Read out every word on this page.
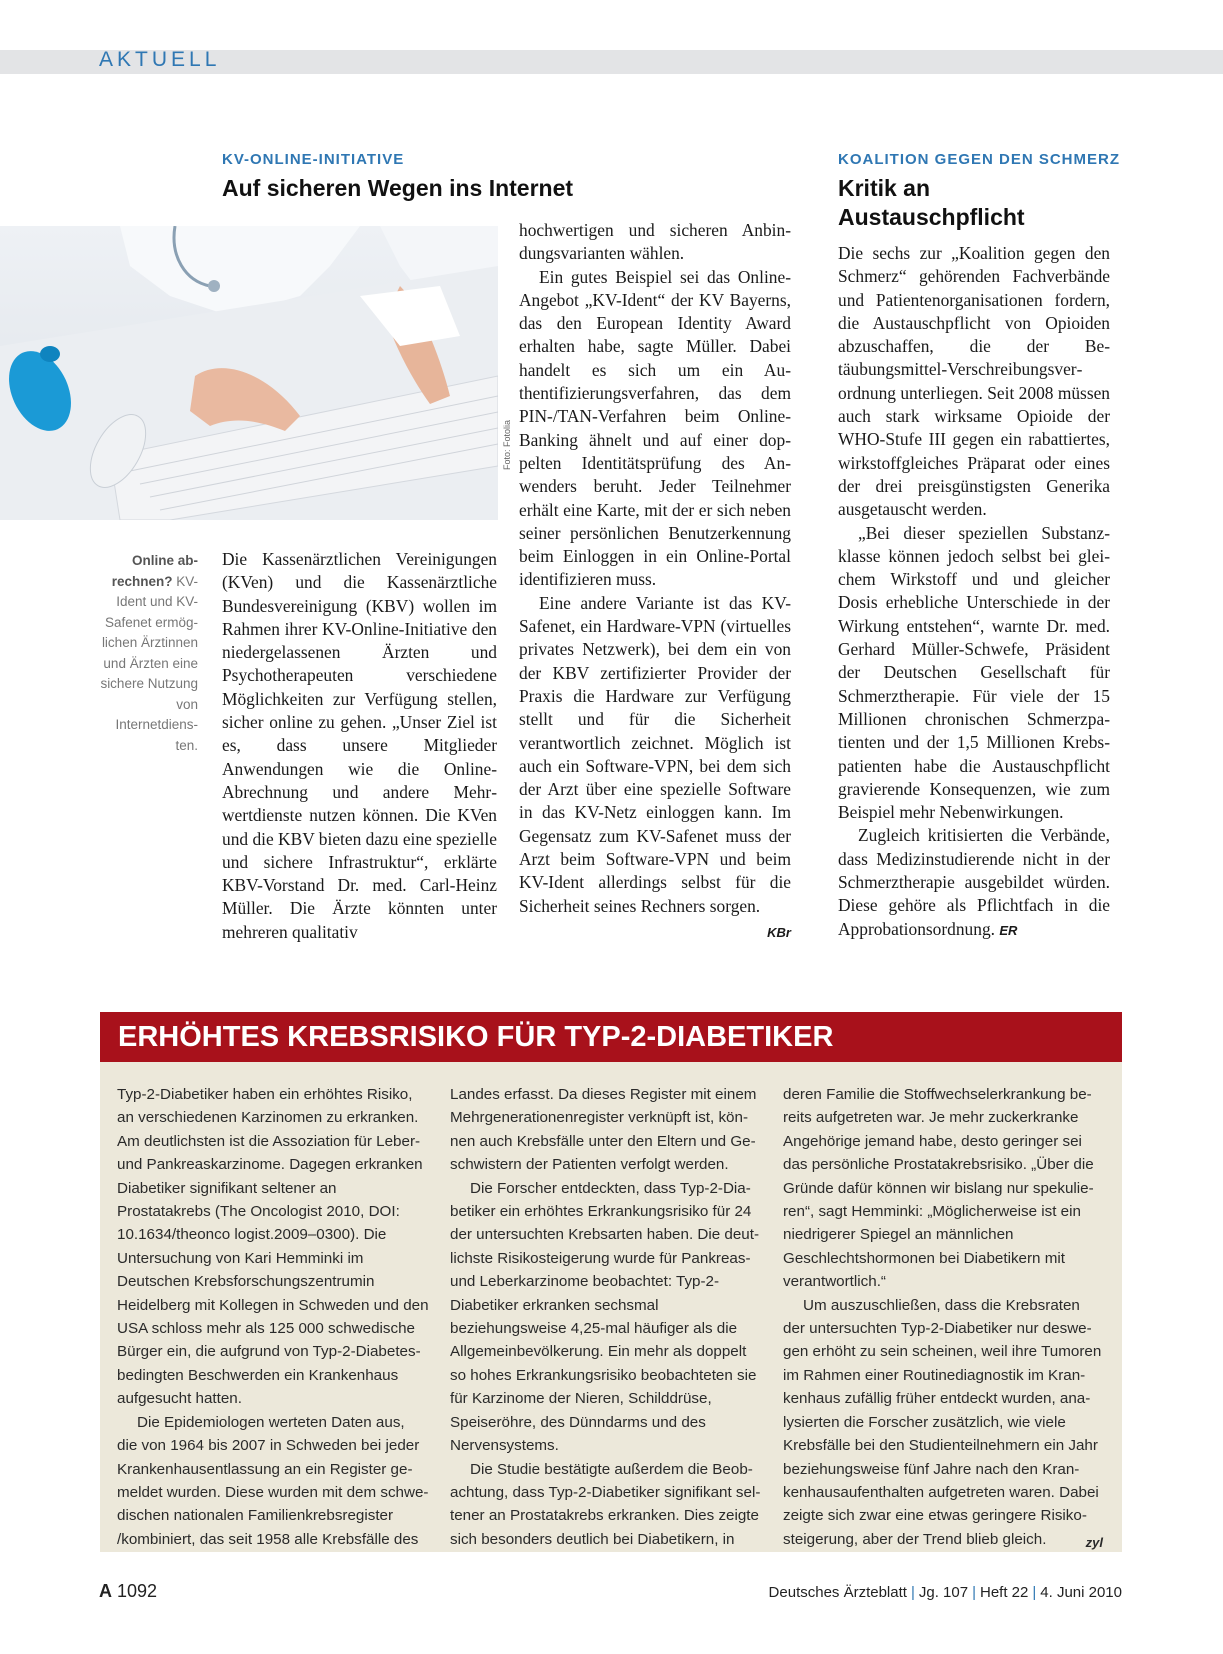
AKTUELL
KV-ONLINE-INITIATIVE
Auf sicheren Wegen ins Internet
Foto: Fotolia
Online abrechnen? KV-Ident und KV-Safenet ermöglichen Ärztinnen und Ärzten eine sichere Nutzung von Internetdiensten.

Die Kassenärztlichen Vereinigungen (KVen) und die Kassenärztliche Bundesvereinigung (KBV) wollen im Rahmen ihrer KV-Online-Initiative den niedergelassenen Ärzten und Psychotherapeuten verschiedene Möglichkeiten zur Verfügung stellen, sicher online zu gehen. „Unser Ziel ist es, dass unsere Mitglieder Anwendungen wie die Online-Abrechnung und andere Mehrwertdienste nutzen können. Die KVen und die KBV bieten dazu eine spezielle und sichere Infrastruktur“, erklärte KBV-Vorstand Dr. med. Carl-Heinz Müller. Die Ärzte könnten unter mehreren qualitativ

hochwertigen und sicheren Anbindungsvarianten wählen.

Ein gutes Beispiel sei das Online-Angebot „KV-Ident“ der KV Bayerns, das den European Identity Award erhalten habe, sagte Müller. Dabei handelt es sich um ein Authentifizierungsverfahren, das dem PIN-/TAN-Verfahren beim Online-Banking ähnelt und auf einer doppelten Identitätsprüfung des Anwenders beruht. Jeder Teilnehmer erhält eine Karte, mit der er sich neben seiner persönlichen Benutzerkennung beim Einloggen in ein Online-Portal identifizieren muss.

Eine andere Variante ist das KV-Safenet, ein Hardware-VPN (virtuelles privates Netzwerk), bei dem ein von der KBV zertifizierter Provider der Praxis die Hardware zur Verfügung stellt und für die Sicherheit verantwortlich zeichnet. Möglich ist auch ein Software-VPN, bei dem sich der Arzt über eine spezielle Software in das KV-Netz einloggen kann. Im Gegensatz zum KV-Safenet muss der Arzt beim Software-VPN und beim KV-Ident allerdings selbst für die Sicherheit seines Rechners sorgen.

KBr
KOALITION GEGEN DEN SCHMERZ
Kritik an
Austauschpflicht

Die sechs zur „Koalition gegen den Schmerz“ gehörenden Fachverbände und Patientenorganisationen fordern, die Austauschpflicht von Opioiden abzuschaffen, die der Betäubungsmittel-Verschreibungsverordnung unterliegen. Seit 2008 müssen auch stark wirksame Opioide der WHO-Stufe III gegen ein rabattiertes, wirkstoffgleiches Präparat oder eines der drei preisgünstigsten Generika ausgetauscht werden.

„Bei dieser speziellen Substanzklasse können jedoch selbst bei gleichem Wirkstoff und und gleicher Dosis erhebliche Unterschiede in der Wirkung entstehen“, warnte Dr. med. Gerhard Müller-Schwefe, Präsident der Deutschen Gesellschaft für Schmerztherapie. Für viele der 15 Millionen chronischen Schmerzpatienten und der 1,5 Millionen Krebspatienten habe die Austauschpflicht gravierende Konsequenzen, wie zum Beispiel mehr Nebenwirkungen.

Zugleich kritisierten die Verbände, dass Medizinstudierende nicht in der Schmerztherapie ausgebildet würden. Diese gehöre als Pflichtfach in die Approbationsordnung. ER

ERHÖHTES KREBSRISIKO FÜR TYP-2-DIABETIKER

Typ-2-Diabetiker haben ein erhöhtes Risiko, an verschiedenen Karzinomen zu erkranken. Am deutlichsten ist die Assoziation für Leber- und Pankreaskarzinome. Dagegen erkranken Diabetiker signifikant seltener an Prostatakrebs (The Oncologist 2010, DOI: 10.1634/theonco logist.2009–0300). Die Untersuchung von Kari Hemminki im Deutschen Krebsforschungszentrumin Heidelberg mit Kollegen in Schweden und den USA schloss mehr als 125 000 schwedische Bürger ein, die aufgrund von Typ-2-Diabetes-bedingten Beschwerden ein Krankenhaus aufgesucht hatten.

Die Epidemiologen werteten Daten aus, die von 1964 bis 2007 in Schweden bei jeder Krankenhausentlassung an ein Register gemeldet wurden. Diese wurden mit dem schwedischen nationalen Familienkrebsregister /kombiniert, das seit 1958 alle Krebsfälle des

Landes erfasst. Da dieses Register mit einem Mehrgenerationenregister verknüpft ist, können auch Krebsfälle unter den Eltern und Geschwistern der Patienten verfolgt werden.

Die Forscher entdeckten, dass Typ-2-Diabetiker ein erhöhtes Erkrankungsrisiko für 24 der untersuchten Krebsarten haben. Die deutlichste Risikosteigerung wurde für Pankreas- und Leberkarzinome beobachtet: Typ-2-Diabetiker erkranken sechsmal beziehungsweise 4,25-mal häufiger als die Allgemeinbevölkerung. Ein mehr als doppelt so hohes Erkrankungsrisiko beobachteten sie für Karzinome der Nieren, Schilddrüse, Speiseröhre, des Dünndarms und des Nervensystems.

Die Studie bestätigte außerdem die Beobachtung, dass Typ-2-Diabetiker signifikant seltener an Prostatakrebs erkranken. Dies zeigte sich besonders deutlich bei Diabetikern, in

deren Familie die Stoffwechselerkrankung bereits aufgetreten war. Je mehr zuckerkranke Angehörige jemand habe, desto geringer sei das persönliche Prostatakrebsrisiko. „Über die Gründe dafür können wir bislang nur spekulieren“, sagt Hemminki: „Möglicherweise ist ein niedrigerer Spiegel an männlichen Geschlechtshormonen bei Diabetikern mit verantwortlich.“

Um auszuschließen, dass die Krebsraten der untersuchten Typ-2-Diabetiker nur deswegen erhöht zu sein scheinen, weil ihre Tumoren im Rahmen einer Routinediagnostik im Krankenhaus zufällig früher entdeckt wurden, analysierten die Forscher zusätzlich, wie viele Krebsfälle bei den Studienteilnehmern ein Jahr beziehungsweise fünf Jahre nach den Krankenhausaufenthalten aufgetreten waren. Dabei zeigte sich zwar eine etwas geringere Risikosteigerung, aber der Trend blieb gleich.	zyl

A 1092	Deutsches Ärzteblatt | Jg. 107 | Heft 22 | 4. Juni 2010
